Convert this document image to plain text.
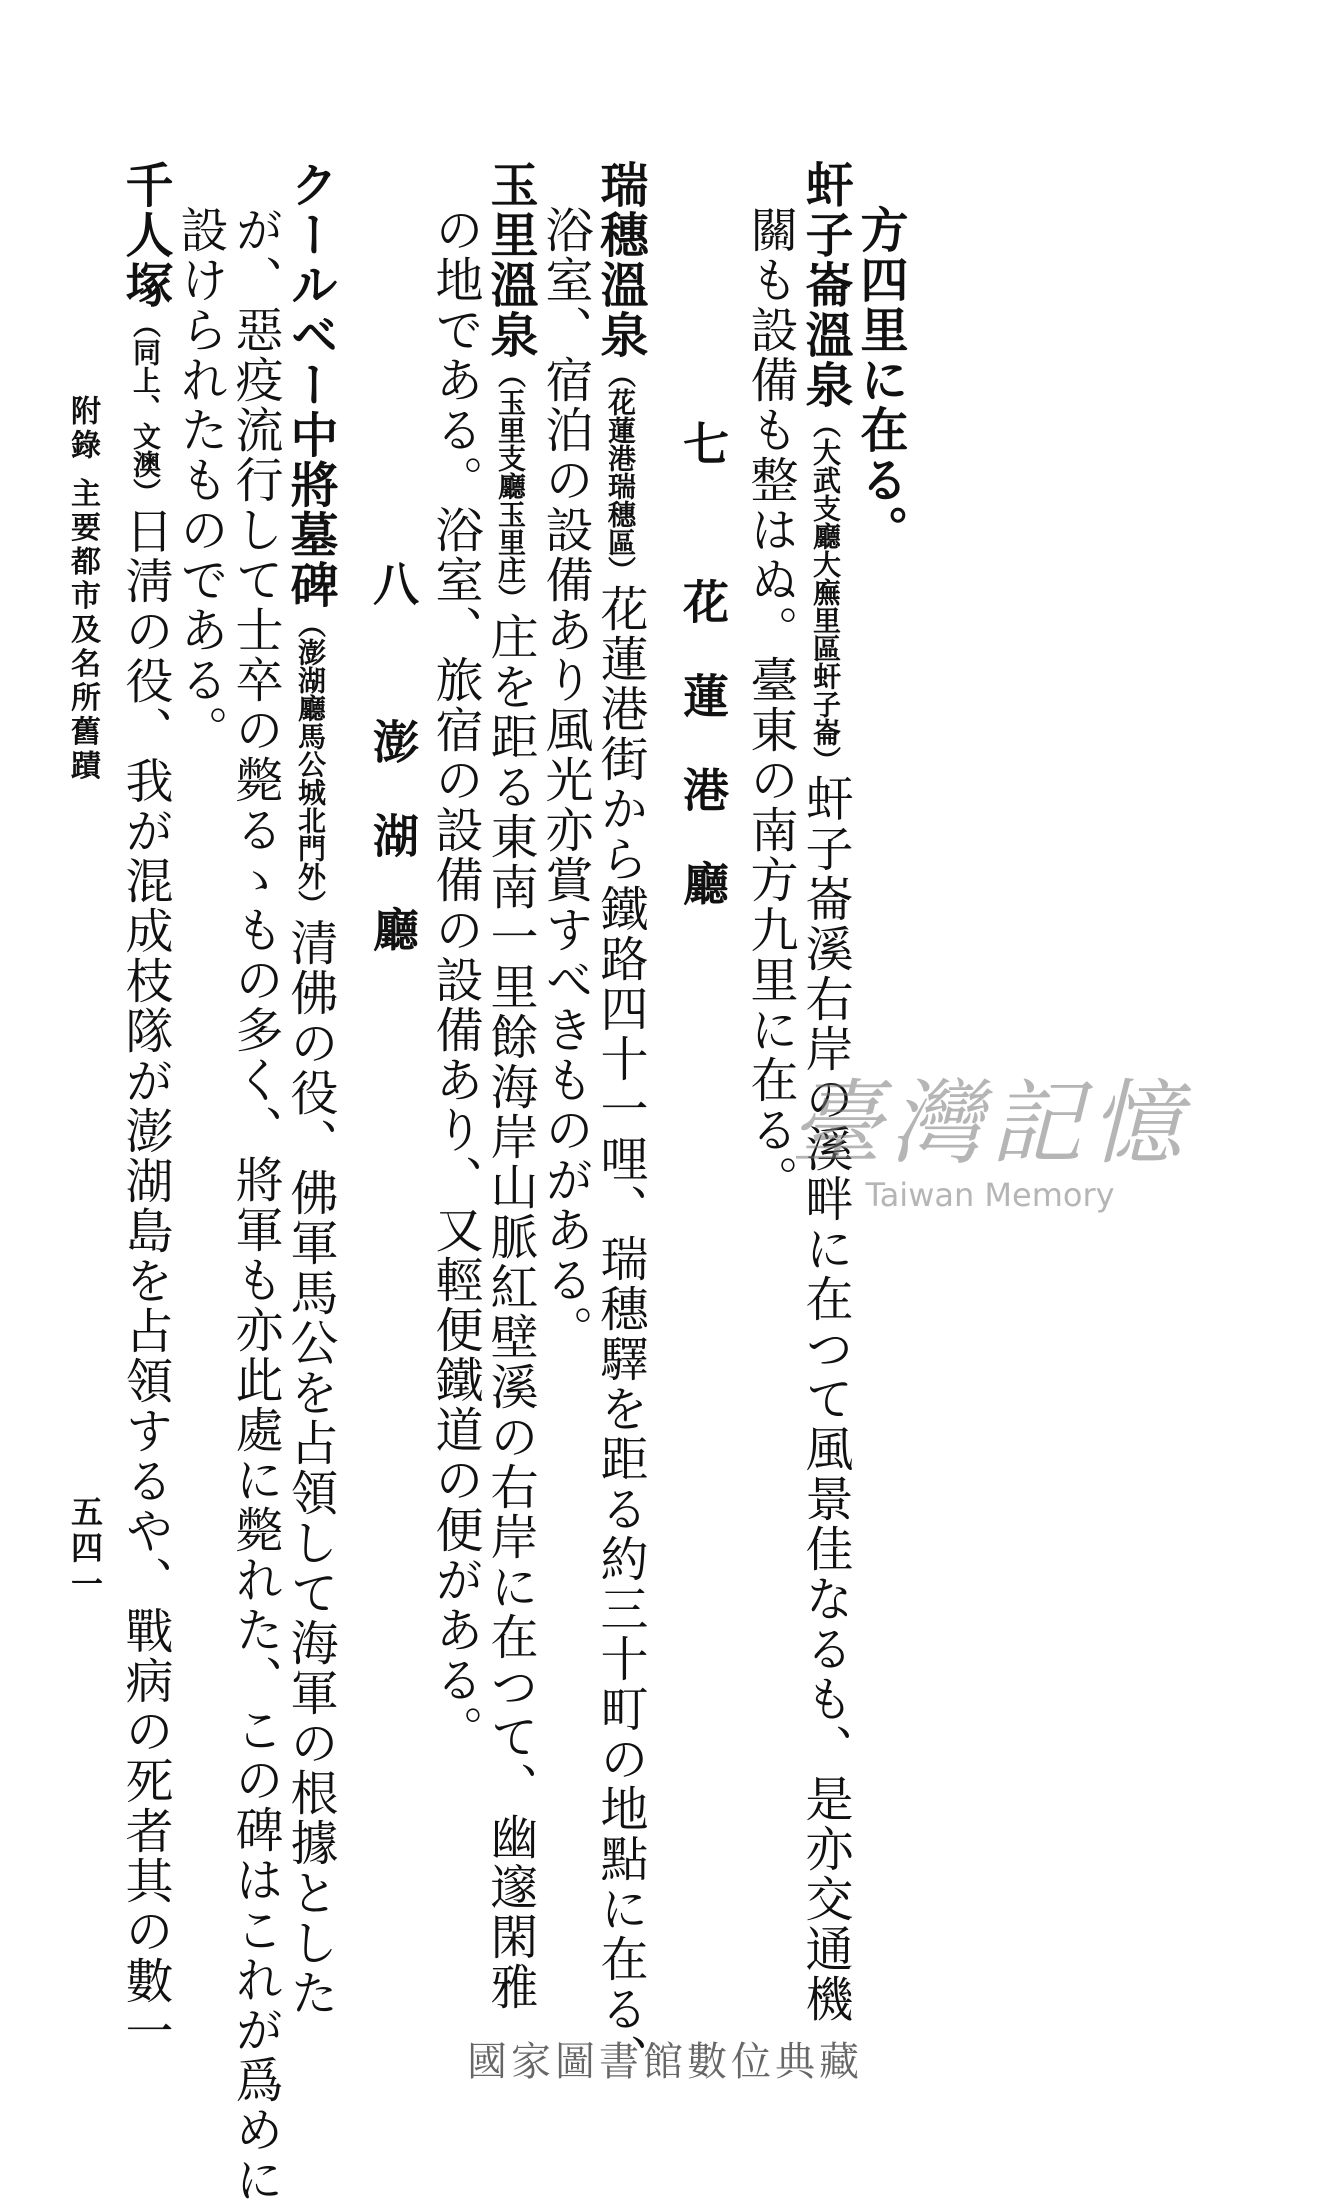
方四里に在る。
虷子崙溫泉（大武支廳大廡里區虷子崙）虷子崙溪右岸の溪畔に在つて風景佳なるも、是亦交通機
關も設備も整はぬ。臺東の南方九里に在る。
七 花蓮港廳
瑞穗溫泉（花蓮港瑞穗區）花蓮港街から鐵路四十一哩、瑞穗驛を距る約三十町の地點に在る、
浴室、宿泊の設備あり風光亦賞すべきものがある。
玉里溫泉（玉里支廳玉里庄）庄を距る東南一里餘海岸山脈紅壁溪の右岸に在つて、幽邃閑雅
の地である。浴室、旅宿の設備の設備あり、又輕便鐵道の便がある。
八 澎湖廳
クールベー中將墓碑（澎湖廳馬公城北門外）清佛の役、佛軍馬公を占領して海軍の根據とした
が、惡疫流行して士卒の斃るゝもの多く、將軍も亦此處に斃れた、この碑はこれが爲めに
設けられたものである。
千人塚（同上、文澳）日淸の役、我が混成枝隊が澎湖島を占領するや、戰病の死者其の數一
附錄 主要都市及名所舊蹟
五四一
臺灣記憶
Taiwan Memory
國家圖書館數位典藏
